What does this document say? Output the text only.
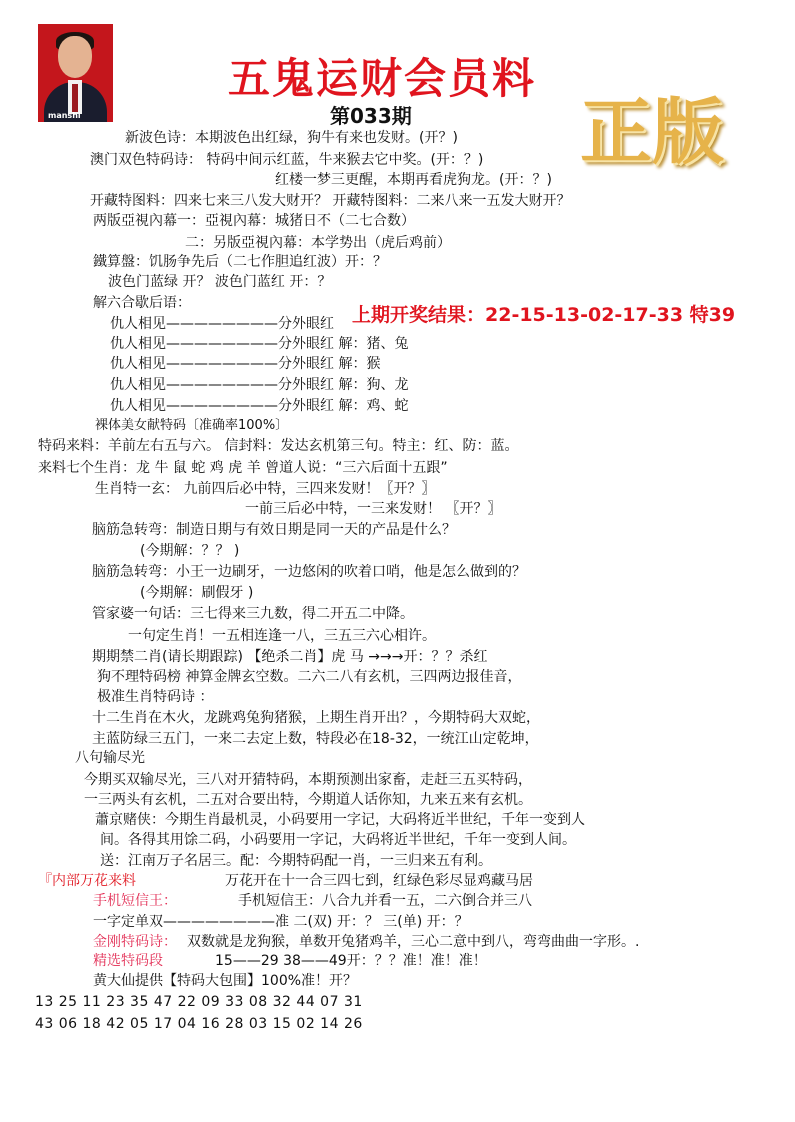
manshi
五鬼运财会员料
第033期 正版
上期开奖结果：22-15-13-02-17-33 特39
新波色诗：本期波色出红绿，狗牛有来也发财。(开？)
澳门双色特码诗： 特码中间示红蓝，牛来猴去它中奖。(开：？)
红楼一梦三更醒，本期再看虎狗龙。(开：？)
开藏特图料：四来七来三八发大财开？ 开藏特图料：二来八来一五发大财开？
两版亞視內幕一：亞視內幕：城猪日不（二七合数）
二：另版亞視內幕：本学势出（虎后鸡前）
鐵算盤：饥肠争先后（二七作胆追红波）开：？
波色门蓝绿 开？ 波色门蓝红 开：？
解六合歇后语：
仇人相见————————分外眼红
仇人相见————————分外眼红 解：猪、兔
仇人相见————————分外眼红 解：猴
仇人相见————————分外眼红 解：狗、龙
仇人相见————————分外眼红 解：鸡、蛇
裸体美女献特码〔准确率100%〕
特码来料：羊前左右五与六。 信封料：发达玄机第三句。特主：红、防：蓝。
来料七个生肖：龙 牛 鼠 蛇 鸡 虎 羊 曾道人说：“三六后面十五跟”
生肖特一玄： 九前四后必中特，三四来发财！〖开？〗
一前三后必中特，一三来发财！ 〖开？〗
脑筋急转弯：制造日期与有效日期是同一天的产品是什么？
(今期解：？？ )
脑筋急转弯：小王一边刷牙，一边悠闲的吹着口哨，他是怎么做到的？
(今期解：刷假牙 )
管家婆一句话：三七得来三九数，得二开五二中降。
一句定生肖！一五相连逢一八，三五三六心相许。
期期禁二肖(请长期跟踪) 【绝杀二肖】虎 马 →→→开：？？杀红
狗不理特码榜 神算金牌玄空数。二六二八有玄机，三四两边报佳音，
极准生肖特码诗 ：
十二生肖在木火，龙跳鸡兔狗猪猴，上期生肖开出？，今期特码大双蛇，
主蓝防绿三五门，一来二去定上数，特段必在18-32，一统江山定乾坤，
八句输尽光
今期买双输尽光，三八对开猜特码，本期预测出家畜，走赶三五买特码，
一三两头有玄机，二五对合要出特，今期道人话你知，九来五来有玄机。
蕭京赌侠：今期生肖最机灵，小码要用一字记，大码将近半世纪，千年一变到人
间。各得其用馀二码，小码要用一字记，大码将近半世纪，千年一变到人间。
送：江南万子名居三。配：今期特码配一肖，一三归来五有利。
『内部万花来料	万花开在十一合三四七到，红绿色彩尽显鸡藏马居
手机短信王：	手机短信王：八合九并看一五，二六倒合并三八
一字定单双————————准 二(双) 开：？ 三(单) 开：？
金刚特码诗： 双数就是龙狗猴，单数开兔猪鸡羊，三心二意中到八，弯弯曲曲一字形。.
精选特码段	15——29 38——49开：？？准！准！准！
黄大仙提供【特码大包围】100%准！开？
13 25 11 23 35 47 22 09 33 08 32 44 07 31
43 06 18 42 05 17 04 16 28 03 15 02 14 26
